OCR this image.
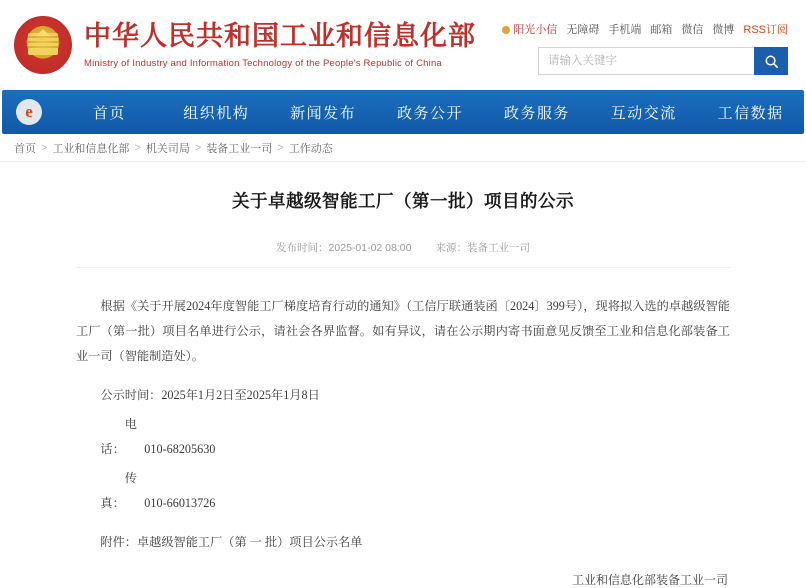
中华人民共和国工业和信息化部
Ministry of Industry and Information Technology of the People's Republic of China
阳光小信 无障碍 手机端 邮箱 微信 微博 RSS订阅
请输入关键字
e	首页	组织机构	新闻发布	政务公开	政务服务	互动交流	工信数据
首页 > 工业和信息化部 > 机关司局 > 装备工业一司 > 工作动态
关于卓越级智能工厂（第一批）项目的公示
发布时间：2025-01-02 08:00 来源：装备工业一司

根据《关于开展2024年度智能工厂梯度培育行动的通知》（工信厅联通装函〔2024〕399号），现将拟入选的卓越级智能工厂（第一批）项目名单进行公示，请社会各界监督。如有异议，请在公示期内寄书面意见反馈至工业和信息化部装备工业一司（智能制造处）。

公示时间：2025年1月2日至2025年1月8日

电 话： 010-68205630

传 真： 010-66013726

附件：卓越级智能工厂（第 一 批）项目公示名单

工业和信息化部装备工业一司
